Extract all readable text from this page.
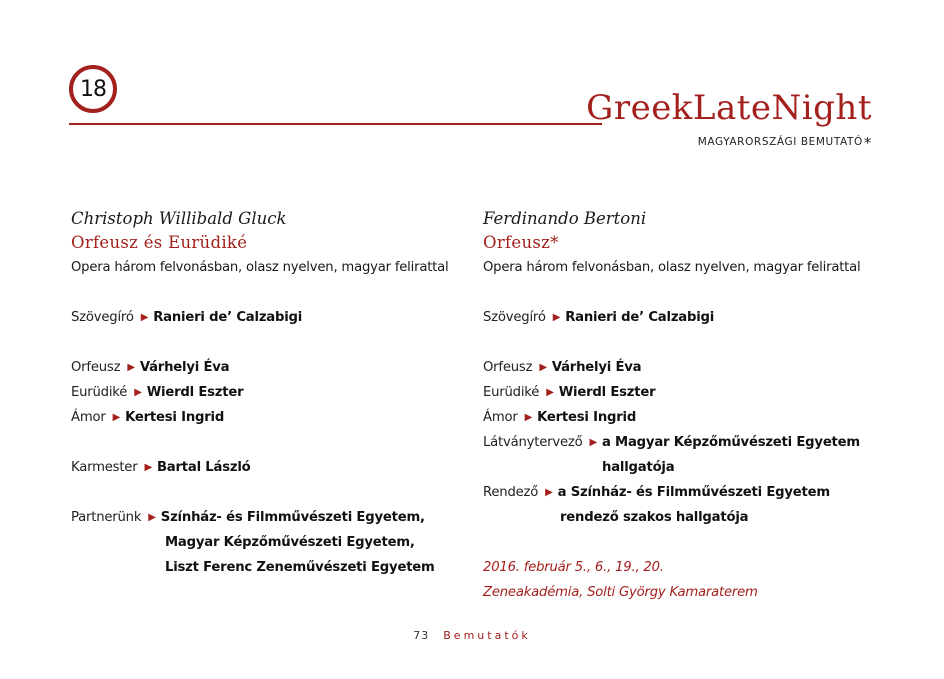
18	GreekLateNight
MAGYARORSZÁGI BEMUTATÓ*
Christoph Willibald Gluck
Orfeusz és Eurüdiké
Opera három felvonásban, olasz nyelven, magyar felirattal
Szövegíró ▶ Ranieri de’ Calzabigi
Orfeusz ▶ Várhelyi Éva
Eurüdiké ▶ Wierdl Eszter
Ámor ▶ Kertesi Ingrid
Karmester ▶ Bartal László
Partnerünk ▶ Színház- és Filmművészeti Egyetem,
Magyar Képzőművészeti Egyetem,
Liszt Ferenc Zeneművészeti Egyetem
Ferdinando Bertoni
Orfeusz*
Opera három felvonásban, olasz nyelven, magyar felirattal
Szövegíró ▶ Ranieri de’ Calzabigi
Orfeusz ▶ Várhelyi Éva
Eurüdiké ▶ Wierdl Eszter
Ámor ▶ Kertesi Ingrid
Látványtervező ▶ a Magyar Képzőművészeti Egyetem
hallgatója
Rendező ▶ a Színház- és Filmművészeti Egyetem
rendező szakos hallgatója
2016. február 5., 6., 19., 20.
Zeneakadémia, Solti György Kamaraterem
73 Bemutatók
